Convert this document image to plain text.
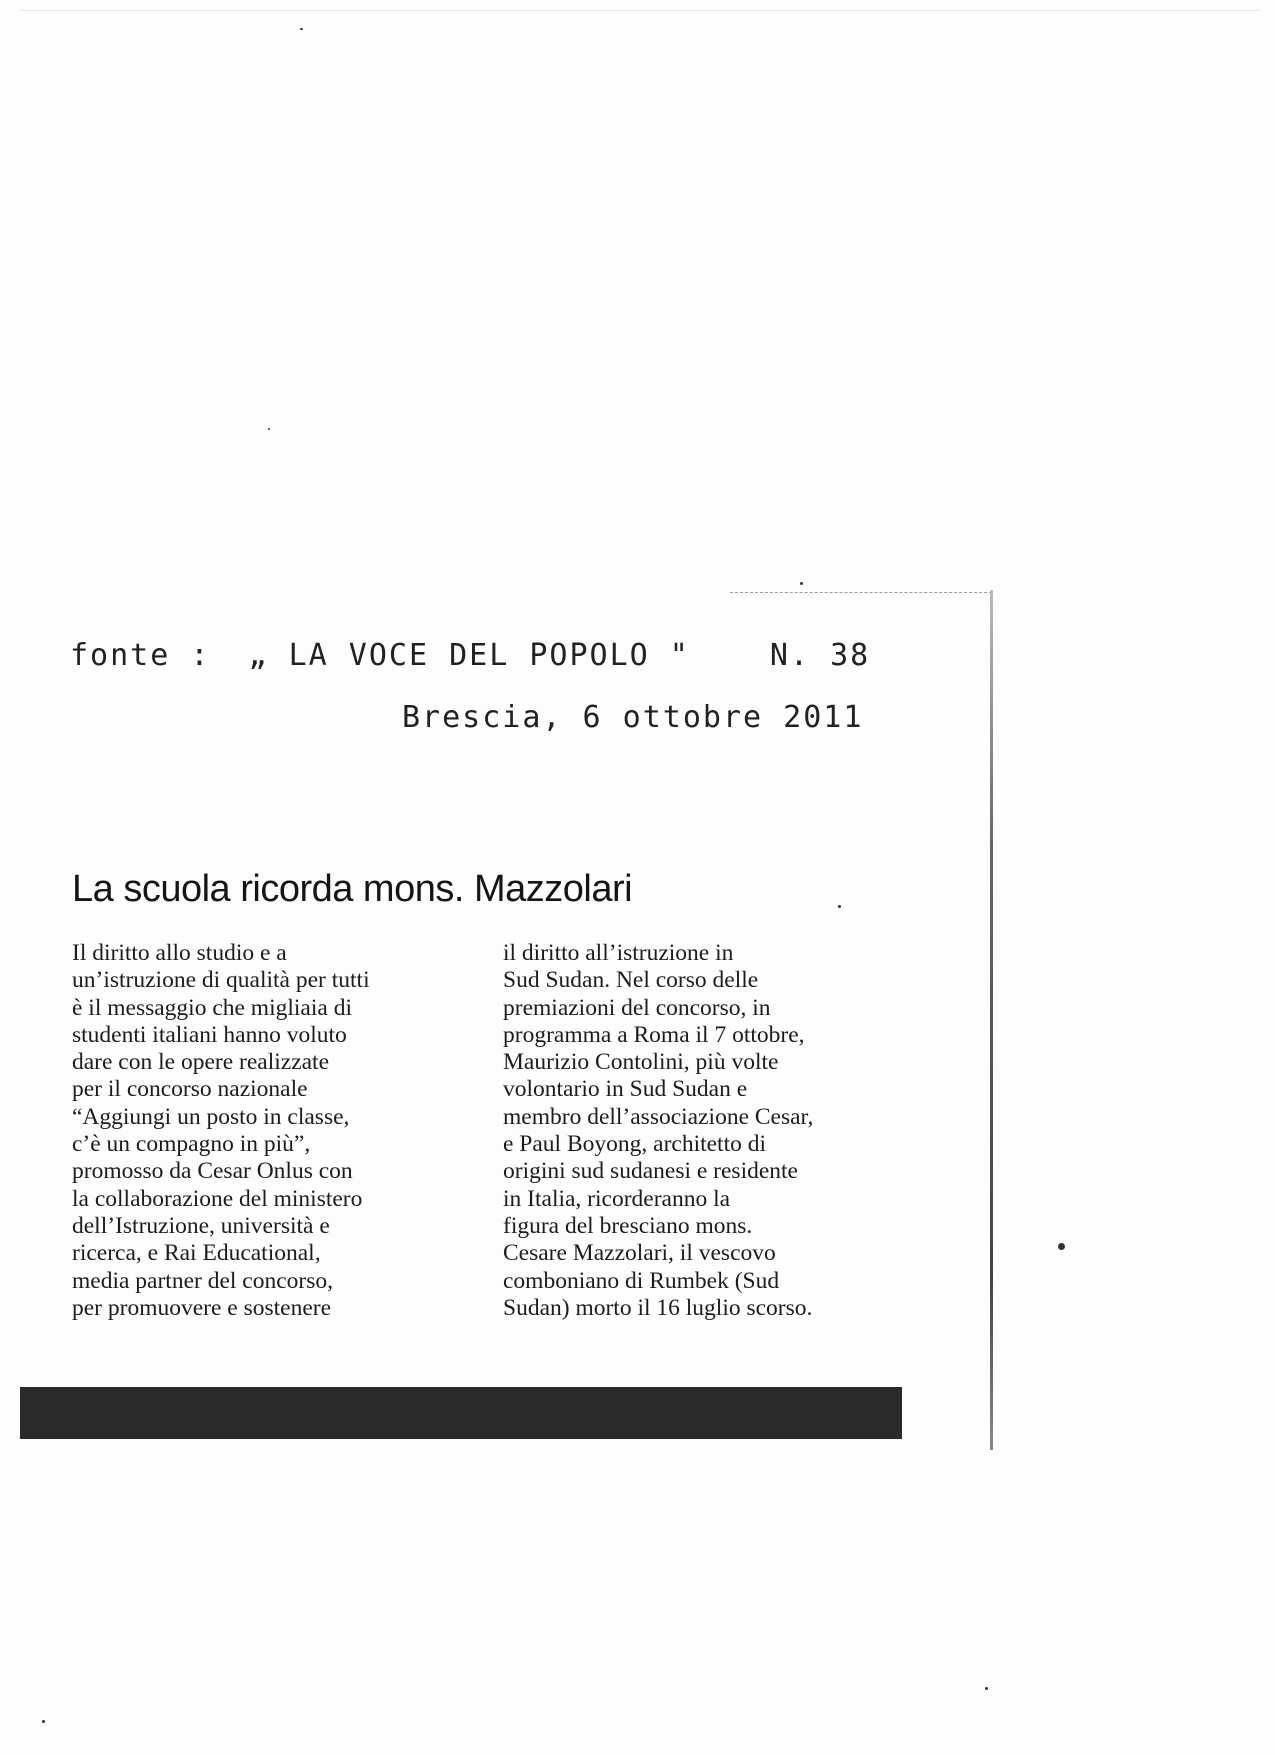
fonte : „ LA VOCE DEL POPOLO "	N. 38
Brescia, 6 ottobre 2011
La scuola ricorda mons. Mazzolari
Il diritto allo studio e a
un’istruzione di qualità per tutti
è il messaggio che migliaia di
studenti italiani hanno voluto
dare con le opere realizzate
per il concorso nazionale
“Aggiungi un posto in classe,
c’è un compagno in più”,
promosso da Cesar Onlus con
la collaborazione del ministero
dell’Istruzione, università e
ricerca, e Rai Educational,
media partner del concorso,
per promuovere e sostenere
il diritto all’istruzione in
Sud Sudan. Nel corso delle
premiazioni del concorso, in
programma a Roma il 7 ottobre,
Maurizio Contolini, più volte
volontario in Sud Sudan e
membro dell’associazione Cesar,
e Paul Boyong, architetto di
origini sud sudanesi e residente
in Italia, ricorderanno la
figura del bresciano mons.
Cesare Mazzolari, il vescovo
comboniano di Rumbek (Sud
Sudan) morto il 16 luglio scorso.
